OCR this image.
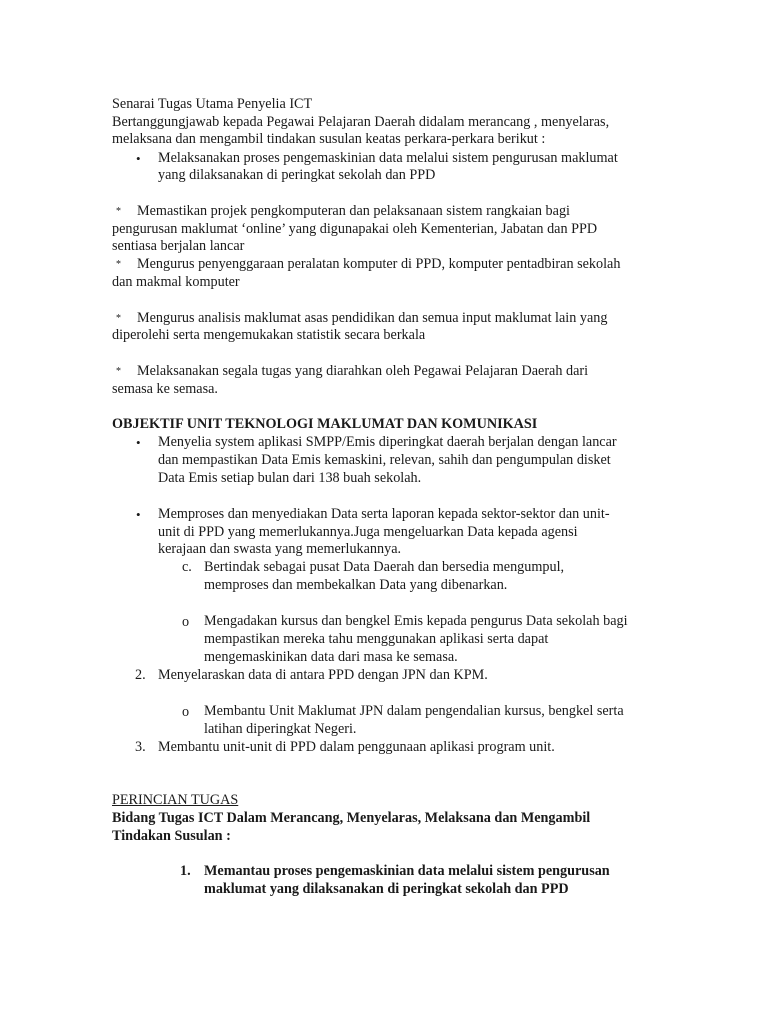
Senarai Tugas Utama Penyelia ICT
Bertanggungjawab kepada Pegawai Pelajaran Daerah didalam merancang , menyelaras,
melaksana dan mengambil tindakan susulan keatas perkara-perkara berikut :
• Melaksanakan proses pengemaskinian data melalui sistem pengurusan maklumat
yang dilaksanakan di peringkat sekolah dan PPD
* Memastikan projek pengkomputeran dan pelaksanaan sistem rangkaian bagi
pengurusan maklumat ‘online’ yang digunapakai oleh Kementerian, Jabatan dan PPD
sentiasa berjalan lancar
* Mengurus penyenggaraan peralatan komputer di PPD, komputer pentadbiran sekolah
dan makmal komputer
* Mengurus analisis maklumat asas pendidikan dan semua input maklumat lain yang
diperolehi serta mengemukakan statistik secara berkala
* Melaksanakan segala tugas yang diarahkan oleh Pegawai Pelajaran Daerah dari
semasa ke semasa.
OBJEKTIF UNIT TEKNOLOGI MAKLUMAT DAN KOMUNIKASI
• Menyelia system aplikasi SMPP/Emis diperingkat daerah berjalan dengan lancar
dan mempastikan Data Emis kemaskini, relevan, sahih dan pengumpulan disket
Data Emis setiap bulan dari 138 buah sekolah.
• Memproses dan menyediakan Data serta laporan kepada sektor-sektor dan unit-
unit di PPD yang memerlukannya.Juga mengeluarkan Data kepada agensi
kerajaan dan swasta yang memerlukannya.
c. Bertindak sebagai pusat Data Daerah dan bersedia mengumpul,
memproses dan membekalkan Data yang dibenarkan.
o Mengadakan kursus dan bengkel Emis kepada pengurus Data sekolah bagi
mempastikan mereka tahu menggunakan aplikasi serta dapat
mengemaskinikan data dari masa ke semasa.
2. Menyelaraskan data di antara PPD dengan JPN dan KPM.
o Membantu Unit Maklumat JPN dalam pengendalian kursus, bengkel serta
latihan diperingkat Negeri.
3. Membantu unit-unit di PPD dalam penggunaan aplikasi program unit.
PERINCIAN TUGAS
Bidang Tugas ICT Dalam Merancang, Menyelaras, Melaksana dan Mengambil
Tindakan Susulan :
1. Memantau proses pengemaskinian data melalui sistem pengurusan
maklumat yang dilaksanakan di peringkat sekolah dan PPD
